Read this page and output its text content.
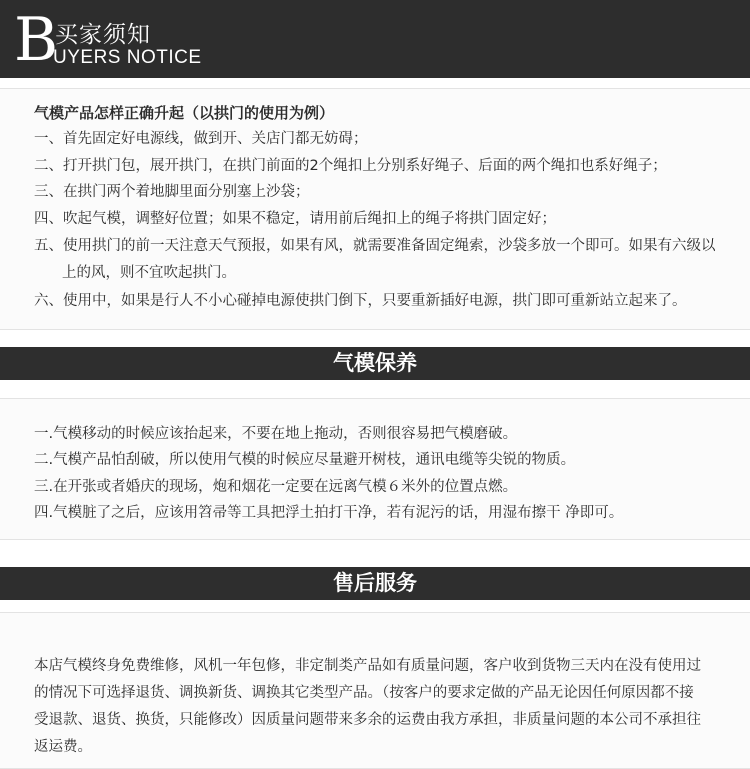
B
买家须知
UYERS NOTICE
气模产品怎样正确升起（以拱门的使用为例）
一、首先固定好电源线，做到开、关店门都无妨碍；
二、打开拱门包，展开拱门，在拱门前面的2个绳扣上分别系好绳子、后面的两个绳扣也系好绳子；
三、在拱门两个着地脚里面分别塞上沙袋；
四、吹起气模，调整好位置；如果不稳定，请用前后绳扣上的绳子将拱门固定好；
五、使用拱门的前一天注意天气预报，如果有风，就需要准备固定绳索，沙袋多放一个即可。如果有六级以
上的风，则不宜吹起拱门。
六、使用中，如果是行人不小心碰掉电源使拱门倒下，只要重新插好电源，拱门即可重新站立起来了。
气模保养
一.气模移动的时候应该抬起来，不要在地上拖动，否则很容易把气模磨破。
二.气模产品怕刮破，所以使用气模的时候应尽量避开树枝，通讯电缆等尖锐的物质。
三.在开张或者婚庆的现场，炮和烟花一定要在远离气模６米外的位置点燃。
四.气模脏了之后，应该用笤帚等工具把浮土拍打干净，若有泥污的话，用湿布擦干 净即可。
售后服务
本店气模终身免费维修，风机一年包修，非定制类产品如有质量问题，客户收到货物三天内在没有使用过
的情况下可选择退货、调换新货、调换其它类型产品。（按客户的要求定做的产品无论因任何原因都不接
受退款、退货、换货，只能修改）因质量问题带来多余的运费由我方承担，非质量问题的本公司不承担往
返运费。
